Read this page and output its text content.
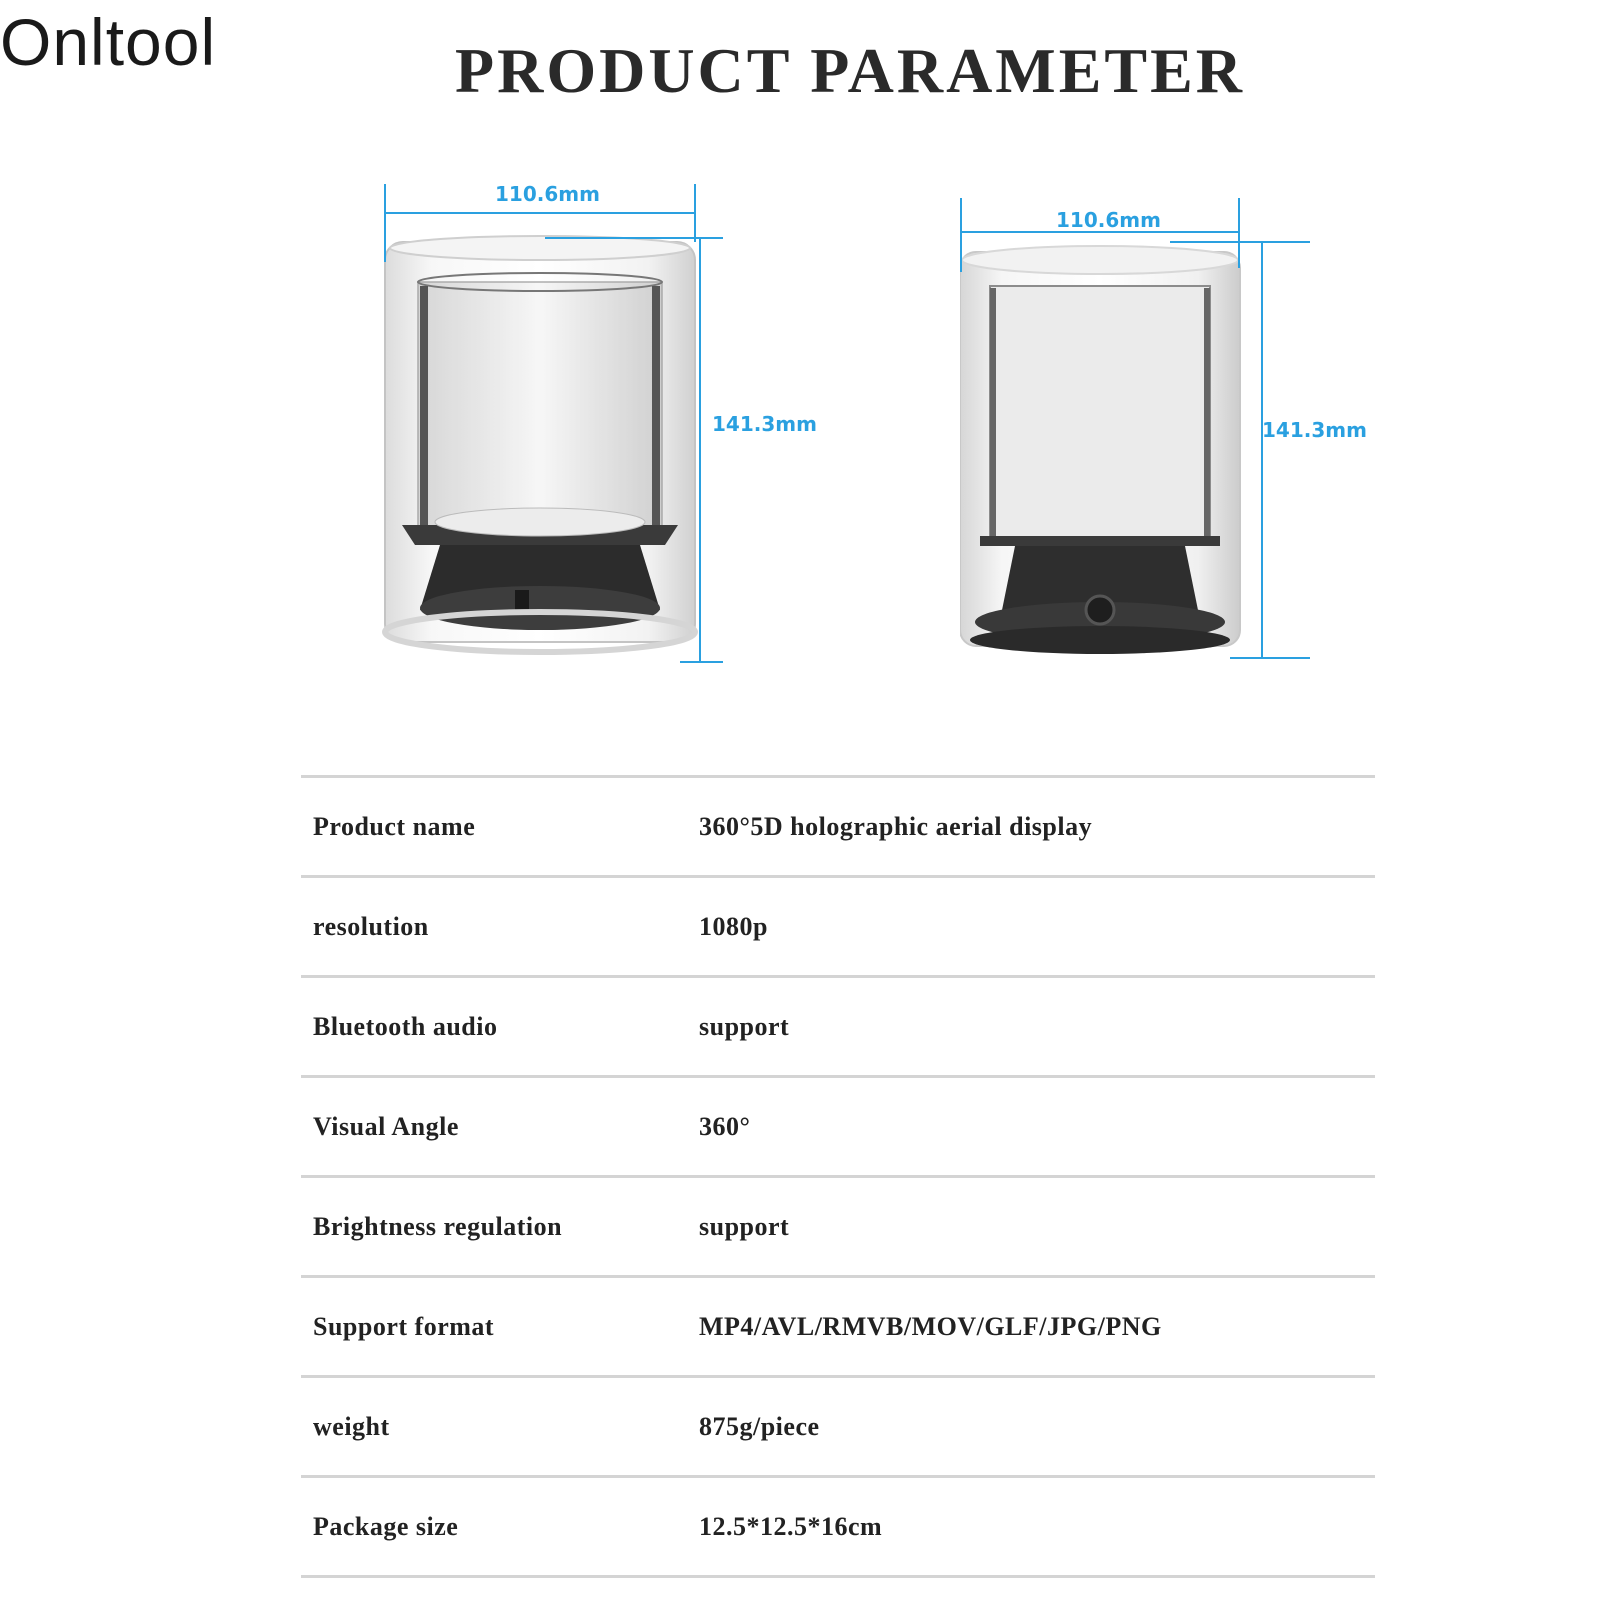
Onltool	PRODUCT PARAMETER
110.6mm
141.3mm
110.6mm
141.3mm
Product name	360°5D holographic aerial display
resolution	1080p
Bluetooth audio	support
Visual Angle	360°
Brightness regulation	support
Support format	MP4/AVL/RMVB/MOV/GLF/JPG/PNG
weight	875g/piece
Package size	12.5*12.5*16cm
